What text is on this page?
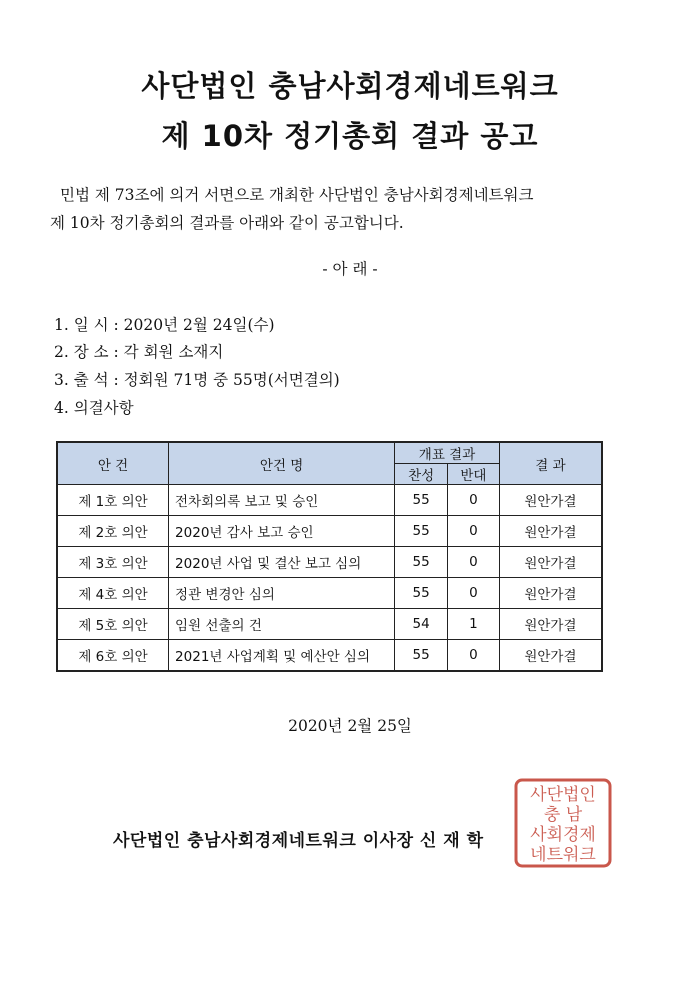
사단법인 충남사회경제네트워크
제 10차 정기총회 결과 공고

민법 제 73조에 의거 서면으로 개최한 사단법인 충남사회경제네트워크
제 10차 정기총회의 결과를 아래와 같이 공고합니다.

- 아 래 -

1. 일 시 : 2020년 2월 24일(수)

2. 장 소 : 각 회원 소재지

3. 출 석 : 정회원 71명 중 55명(서면결의)

4. 의결사항

안 건	안건 명	개표 결과		결 과
		찬성	반대	
제 1호 의안	전차회의록 보고 및 승인	55	0	원안가결
제 2호 의안	2020년 감사 보고 승인	55	0	원안가결
제 3호 의안	2020년 사업 및 결산 보고 심의	55	0	원안가결
제 4호 의안	정관 변경안 심의	55	0	원안가결
제 5호 의안	임원 선출의 건	54	1	원안가결
제 6호 의안	2021년 사업계획 및 예산안 심의	55	0	원안가결

2020년 2월 25일

사단법인
충 남
사회경제
네트워크

사단법인 충남사회경제네트워크 이사장 신 재 학
